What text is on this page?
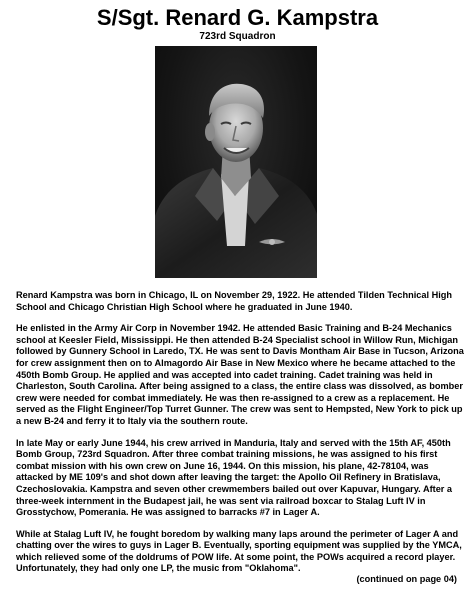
S/Sgt. Renard G. Kampstra
723rd Squadron

Renard Kampstra was born in Chicago, IL on November 29, 1922. He attended Tilden Technical High School and Chicago Christian High School where he graduated in June 1940.

He enlisted in the Army Air Corp in November 1942. He attended Basic Training and B-24 Mechanics school at Keesler Field, Mississippi. He then attended B-24 Specialist school in Willow Run, Michigan followed by Gunnery School in Laredo, TX. He was sent to Davis Montham Air Base in Tucson, Arizona for crew assignment then on to Almagordo Air Base in New Mexico where he became attached to the 450th Bomb Group. He applied and was accepted into cadet training. Cadet training was held in Charleston, South Carolina. After being assigned to a class, the entire class was dissolved, as bomber crew were needed for combat immediately. He was then re-assigned to a crew as a replacement. He served as the Flight Engineer/Top Turret Gunner. The crew was sent to Hempsted, New York to pick up a new B-24 and ferry it to Italy via the southern route.

In late May or early June 1944, his crew arrived in Manduria, Italy and served with the 15th AF, 450th Bomb Group, 723rd Squadron. After three combat training missions, he was assigned to his first combat mission with his own crew on June 16, 1944. On this mission, his plane, 42-78104, was attacked by ME 109's and shot down after leaving the target: the Apollo Oil Refinery in Bratislava, Czechoslovakia. Kampstra and seven other crewmembers bailed out over Kapuvar, Hungary. After a three-week internment in the Budapest jail, he was sent via railroad boxcar to Stalag Luft IV in Grosstychow, Pomerania. He was assigned to barracks #7 in Lager A.

While at Stalag Luft IV, he fought boredom by walking many laps around the perimeter of Lager A and chatting over the wires to guys in Lager B. Eventually, sporting equipment was supplied by the YMCA, which relieved some of the doldrums of POW life. At some point, the POWs acquired a record player. Unfortunately, they had only one LP, the music from "Oklahoma".

(continued on page 04)
